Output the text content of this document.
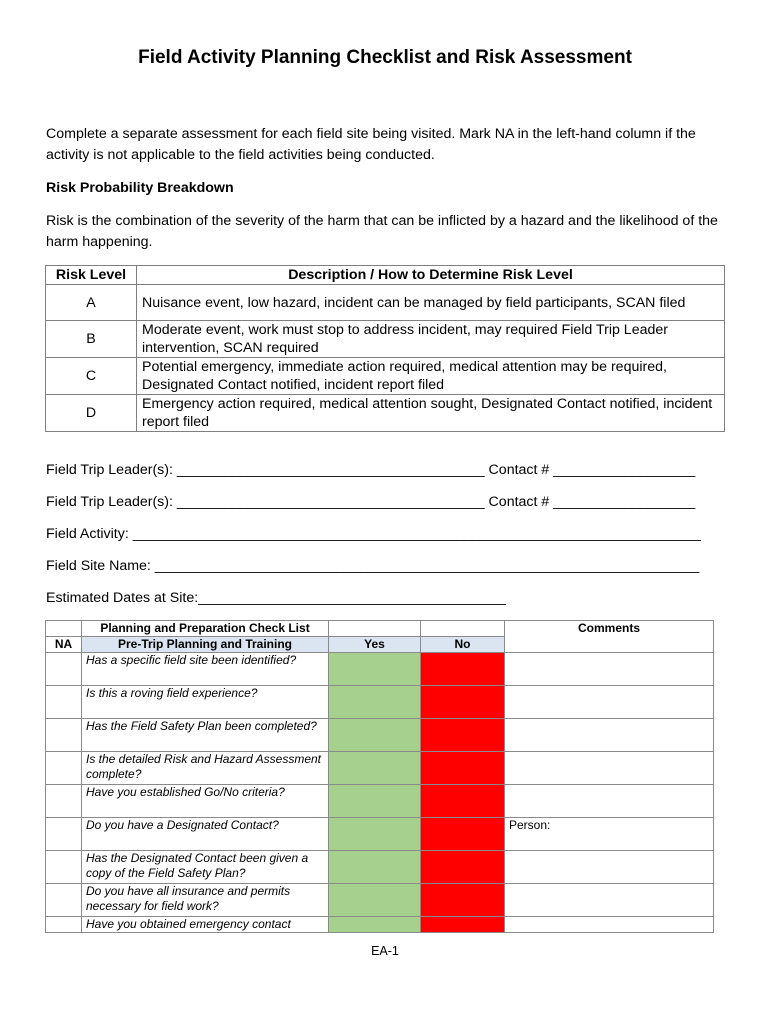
Field Activity Planning Checklist and Risk Assessment
Complete a separate assessment for each field site being visited. Mark NA in the left-hand column if the activity is not applicable to the field activities being conducted.
Risk Probability Breakdown
Risk is the combination of the severity of the harm that can be inflicted by a hazard and the likelihood of the harm happening.
Risk Level	Description / How to Determine Risk Level
A	Nuisance event, low hazard, incident can be managed by field participants, SCAN filed
B	Moderate event, work must stop to address incident, may required Field Trip Leader intervention, SCAN required
C	Potential emergency, immediate action required, medical attention may be required, Designated Contact notified, incident report filed
D	Emergency action required, medical attention sought, Designated Contact notified, incident report filed
Field Trip Leader(s): _______________________________________ Contact # __________________
Field Trip Leader(s): _______________________________________ Contact # __________________
Field Activity: ________________________________________________________________________
Field Site Name: _____________________________________________________________________
Estimated Dates at Site:_______________________________________
	Planning and Preparation Check List			Comments
NA	Pre-Trip Planning and Training	Yes	No	
	Has a specific field site been identified?			
	Is this a roving field experience?			
	Has the Field Safety Plan been completed?			
	Is the detailed Risk and Hazard Assessment complete?			
	Have you established Go/No criteria?			
	Do you have a Designated Contact?			Person:
	Has the Designated Contact been given a copy of the Field Safety Plan?			
	Do you have all insurance and permits necessary for field work?			
	Have you obtained emergency contact			
EA-1
